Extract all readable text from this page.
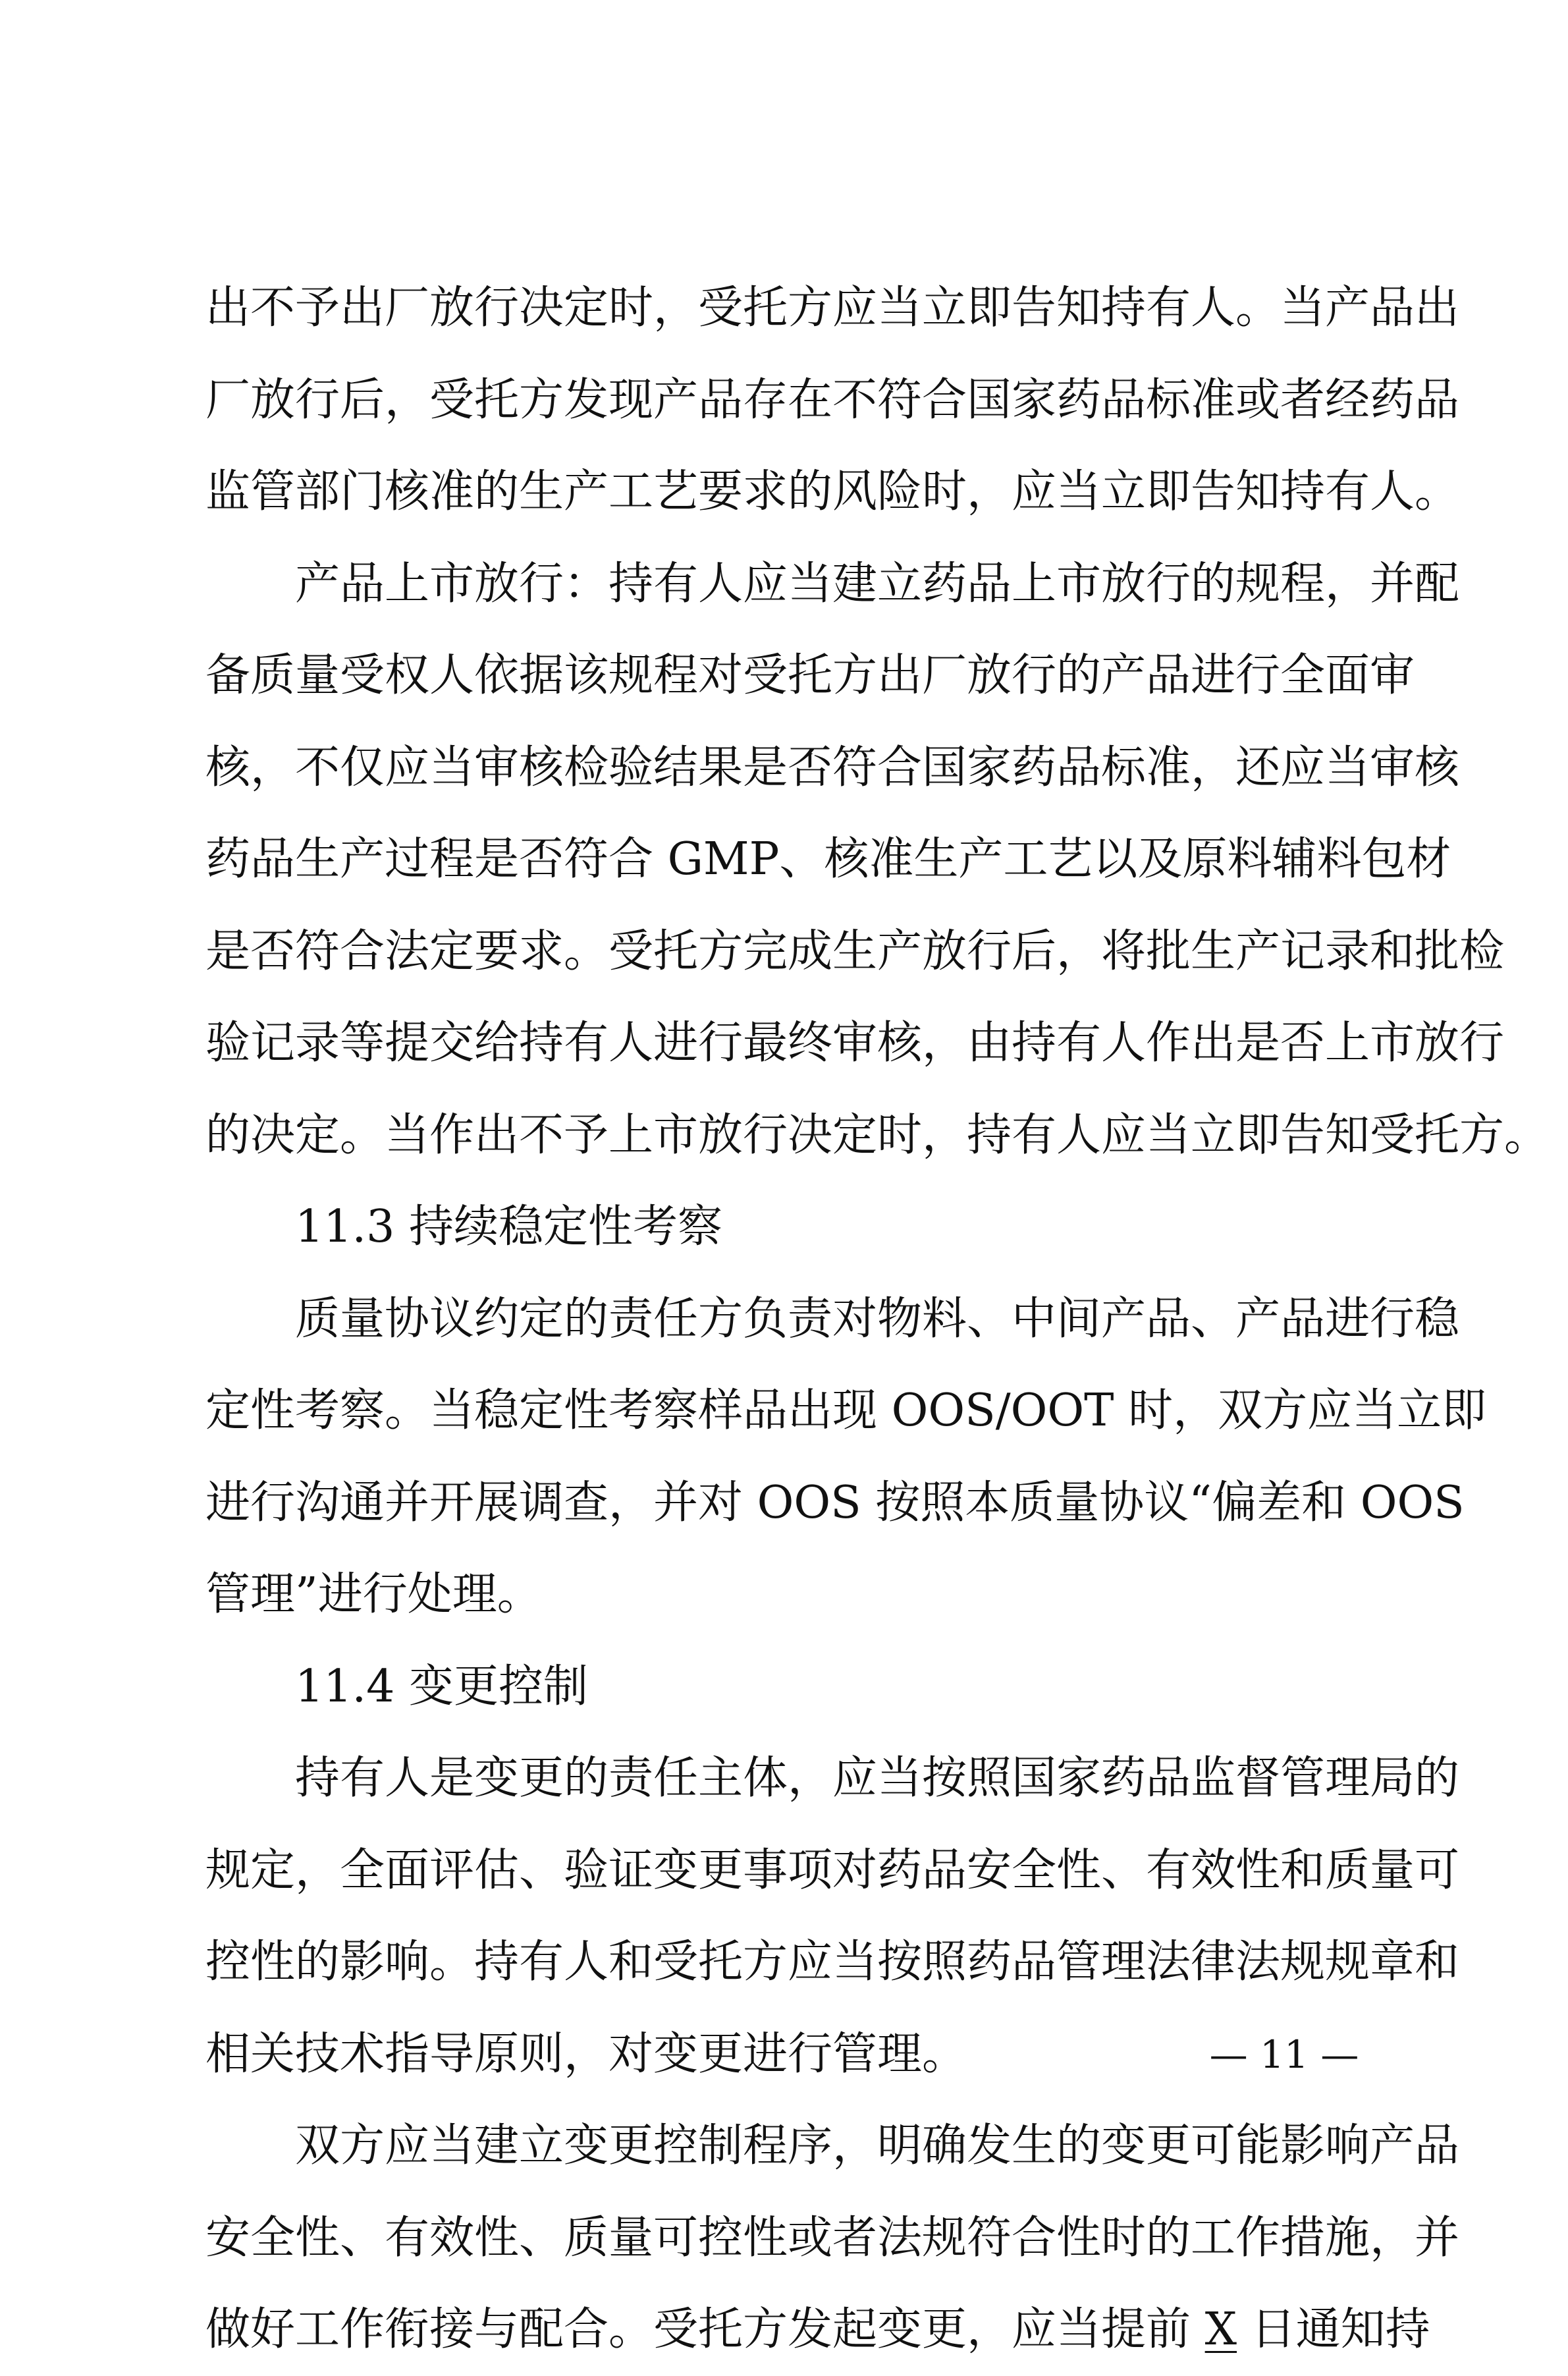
出不予出厂放行决定时，受托方应当立即告知持有人。当产品出
厂放行后，受托方发现产品存在不符合国家药品标准或者经药品
监管部门核准的生产工艺要求的风险时，应当立即告知持有人。
产品上市放行：持有人应当建立药品上市放行的规程，并配
备质量受权人依据该规程对受托方出厂放行的产品进行全面审
核，不仅应当审核检验结果是否符合国家药品标准，还应当审核
药品生产过程是否符合 GMP、核准生产工艺以及原料辅料包材
是否符合法定要求。受托方完成生产放行后，将批生产记录和批检
验记录等提交给持有人进行最终审核，由持有人作出是否上市放行
的决定。当作出不予上市放行决定时，持有人应当立即告知受托方。
11.3 持续稳定性考察
质量协议约定的责任方负责对物料、中间产品、产品进行稳
定性考察。当稳定性考察样品出现 OOS/OOT 时，双方应当立即
进行沟通并开展调查，并对 OOS 按照本质量协议“偏差和 OOS
管理”进行处理。
11.4 变更控制
持有人是变更的责任主体，应当按照国家药品监督管理局的
规定，全面评估、验证变更事项对药品安全性、有效性和质量可
控性的影响。持有人和受托方应当按照药品管理法律法规规章和
相关技术指导原则，对变更进行管理。
双方应当建立变更控制程序，明确发生的变更可能影响产品
安全性、有效性、质量可控性或者法规符合性时的工作措施，并
做好工作衔接与配合。受托方发起变更，应当提前 X 日通知持
— 11 —
